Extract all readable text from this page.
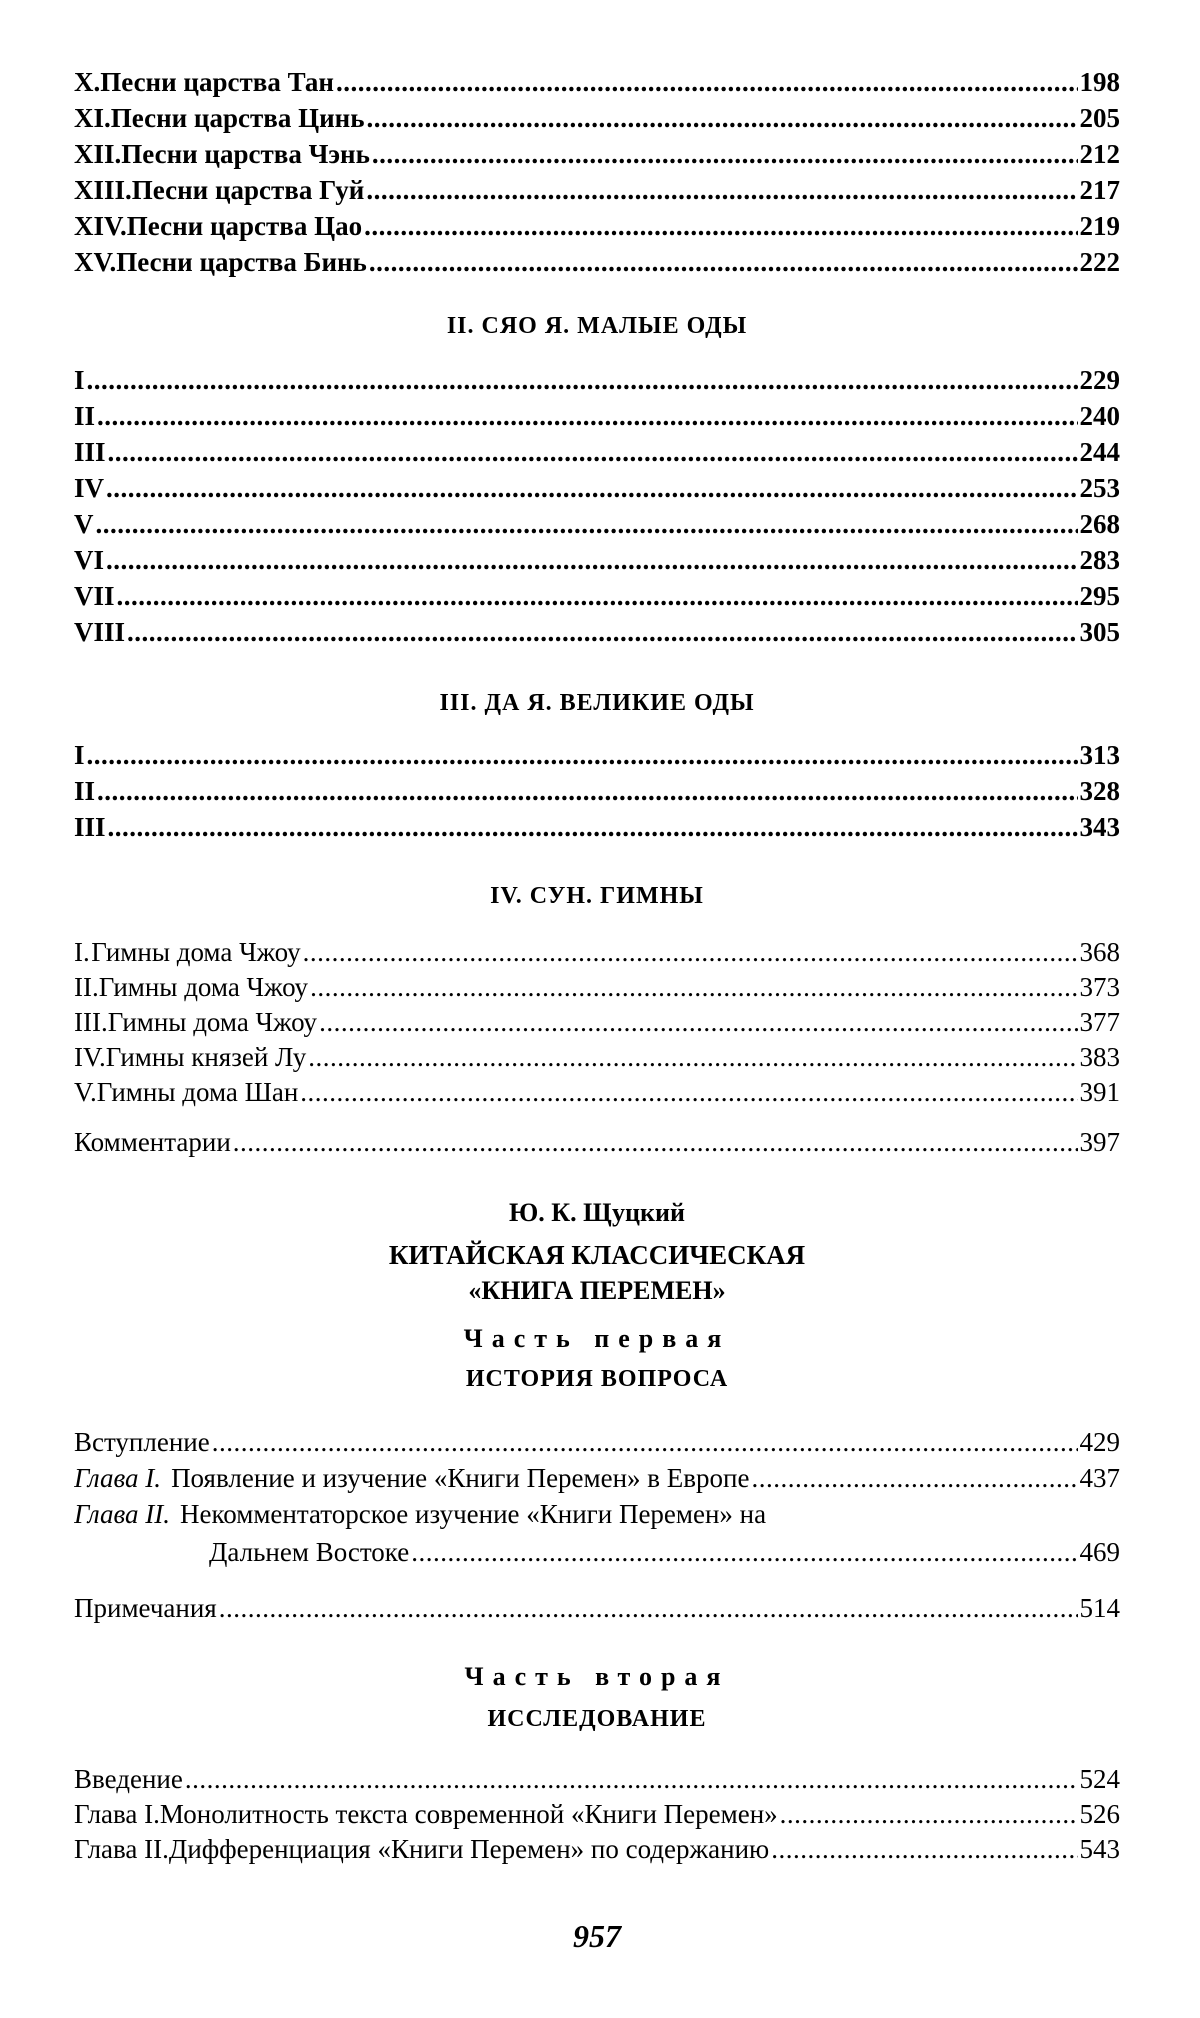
X. Песни царства Тан .....	198
XI. Песни царства Цинь .....	205
XII. Песни царства Чэнь .....	212
XIII. Песни царства Гуй .....	217
XIV. Песни царства Цао .....	219
XV. Песни царства Бинь .....	222
II. СЯО Я. МАЛЫЕ ОДЫ
I .....	229
II .....	240
III .....	244
IV .....	253
V .....	268
VI .....	283
VII .....	295
VIII .....	305
III. ДА Я. ВЕЛИКИЕ ОДЫ
I .....	313
II .....	328
III .....	343
IV. СУН. ГИМНЫ
I. Гимны дома Чжоу .....	368
II. Гимны дома Чжоу .....	373
III. Гимны дома Чжоу .....	377
IV. Гимны князей Лу .....	383
V. Гимны дома Шан .....	391
Комментарии .....	397
Ю. К. Щуцкий
КИТАЙСКАЯ КЛАССИЧЕСКАЯ
«КНИГА ПЕРЕМЕН»
Часть первая
ИСТОРИЯ ВОПРОСА
Вступление .....	429
Глава I. Появление и изучение «Книги Перемен» в Европе .....	437
Глава II. Некомментаторское изучение «Книги Перемен» на
Дальнем Востоке .....	469
Примечания .....	514
Часть вторая
ИССЛЕДОВАНИЕ
Введение .....	524
Глава I. Монолитность текста современной «Книги Перемен» .....	526
Глава II. Дифференциация «Книги Перемен» по содержанию .....	543
957
